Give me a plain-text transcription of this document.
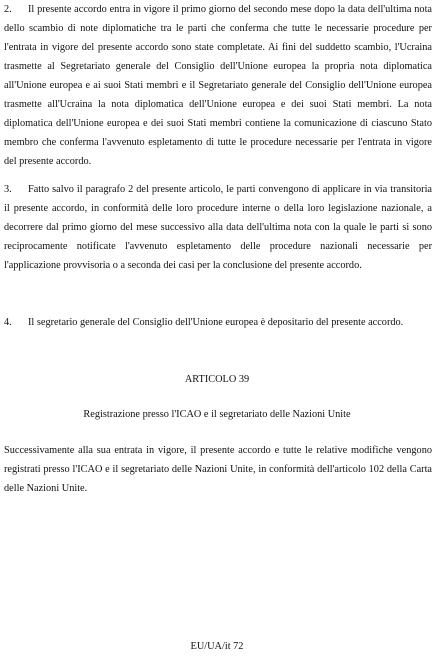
2. Il presente accordo entra in vigore il primo giorno del secondo mese dopo la data dell'ultima nota dello scambio di note diplomatiche tra le parti che conferma che tutte le necessarie procedure per l'entrata in vigore del presente accordo sono state completate. Ai fini del suddetto scambio, l'Ucraina trasmette al Segretariato generale del Consiglio dell'Unione europea la propria nota diplomatica all'Unione europea e ai suoi Stati membri e il Segretariato generale del Consiglio dell'Unione europea trasmette all'Ucraina la nota diplomatica dell'Unione europea e dei suoi Stati membri. La nota diplomatica dell'Unione europea e dei suoi Stati membri contiene la comunicazione di ciascuno Stato membro che conferma l'avvenuto espletamento di tutte le procedure necessarie per l'entrata in vigore del presente accordo.

3. Fatto salvo il paragrafo 2 del presente articolo, le parti convengono di applicare in via transitoria il presente accordo, in conformità delle loro procedure interne o della loro legislazione nazionale, a decorrere dal primo giorno del mese successivo alla data dell'ultima nota con la quale le parti si sono reciprocamente notificate l'avvenuto espletamento delle procedure nazionali necessarie per l'applicazione provvisoria o a seconda dei casi per la conclusione del presente accordo.

4. Il segretario generale del Consiglio dell'Unione europea è depositario del presente accordo.

ARTICOLO 39

Registrazione presso l'ICAO e il segretariato delle Nazioni Unite

Successivamente alla sua entrata in vigore, il presente accordo e tutte le relative modifiche vengono registrati presso l'ICAO e il segretariato delle Nazioni Unite, in conformità dell'articolo 102 della Carta delle Nazioni Unite.

EU/UA/it 72
